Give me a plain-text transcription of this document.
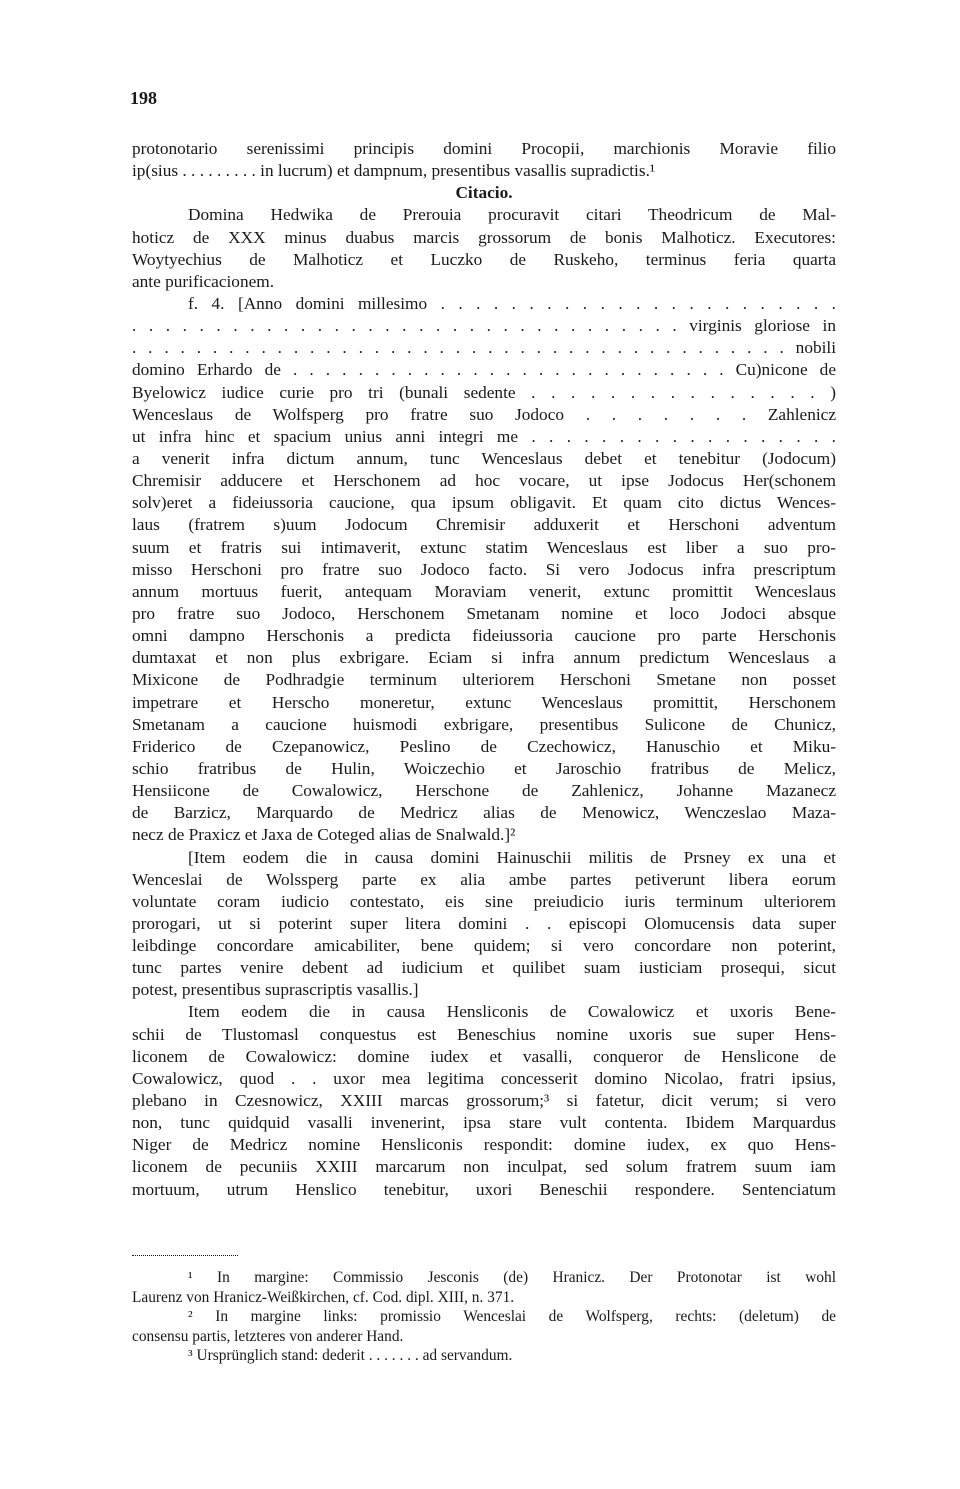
198
protonotario serenissimi principis domini Procopii, marchionis Moravie filio
ip(sius . . . . . . . . . in lucrum) et dampnum, presentibus vasallis supradictis.¹
Citacio.
Domina Hedwika de Prerouia procuravit citari Theodricum de Mal-
hoticz de XXX minus duabus marcis grossorum de bonis Malhoticz. Executores:
Woytyechius de Malhoticz et Luczko de Ruskeho, terminus feria quarta
ante purificacionem.
f. 4. [Anno domini millesimo . . . . . . . . . . . . . . . . . . . . . . .
. . . . . . . . . . . . . . . . . . . . . . . . . . . . . . . . . virginis gloriose in
. . . . . . . . . . . . . . . . . . . . . . . . . . . . . . . . . . . . . . . . . nobili
domino Erhardo de . . . . . . . . . . . . . . . . . . . . . . . . . . . Cu)nicone de
Byelowicz iudice curie pro tri (bunali sedente . . . . . . . . . . . . . . . )
Wenceslaus de Wolfsperg pro fratre suo Jodoco . . . . . . . Zahlenicz
ut infra hinc et spacium unius anni integri me . . . . . . . . . . . . . . . . . .
a venerit infra dictum annum, tunc Wenceslaus debet et tenebitur (Jodocum)
Chremisir adducere et Herschonem ad hoc vocare, ut ipse Jodocus Her(schonem
solv)eret a fideiussoria caucione, qua ipsum obligavit. Et quam cito dictus Wences-
laus (fratrem s)uum Jodocum Chremisir adduxerit et Herschoni adventum
suum et fratris sui intimaverit, extunc statim Wenceslaus est liber a suo pro-
misso Herschoni pro fratre suo Jodoco facto. Si vero Jodocus infra prescriptum
annum mortuus fuerit, antequam Moraviam venerit, extunc promittit Wenceslaus
pro fratre suo Jodoco, Herschonem Smetanam nomine et loco Jodoci absque
omni dampno Herschonis a predicta fideiussoria caucione pro parte Herschonis
dumtaxat et non plus exbrigare. Eciam si infra annum predictum Wenceslaus a
Mixicone de Podhradgie terminum ulteriorem Herschoni Smetane non posset
impetrare et Herscho moneretur, extunc Wenceslaus promittit, Herschonem
Smetanam a caucione huismodi exbrigare, presentibus Sulicone de Chunicz,
Friderico de Czepanowicz, Peslino de Czechowicz, Hanuschio et Miku-
schio fratribus de Hulin, Woiczechio et Jaroschio fratribus de Melicz,
Hensiicone de Cowalowicz, Herschone de Zahlenicz, Johanne Mazanecz
de Barzicz, Marquardo de Medricz alias de Menowicz, Wenczeslao Maza-
necz de Praxicz et Jaxa de Coteged alias de Snalwald.]²
[Item eodem die in causa domini Hainuschii militis de Prsney ex una et
Wenceslai de Wolssperg parte ex alia ambe partes petiverunt libera eorum
voluntate coram iudicio contestato, eis sine preiudicio iuris terminum ulteriorem
prorogari, ut si poterint super litera domini . . episcopi Olomucensis data super
leibdinge concordare amicabiliter, bene quidem; si vero concordare non poterint,
tunc partes venire debent ad iudicium et quilibet suam iusticiam prosequi, sicut
potest, presentibus suprascriptis vasallis.]
Item eodem die in causa Hensliconis de Cowalowicz et uxoris Bene-
schii de Tlustomasl conquestus est Beneschius nomine uxoris sue super Hens-
liconem de Cowalowicz: domine iudex et vasalli, conqueror de Henslicone de
Cowalowicz, quod . . uxor mea legitima concesserit domino Nicolao, fratri ipsius,
plebano in Czesnowicz, XXIII marcas grossorum;³ si fatetur, dicit verum; si vero
non, tunc quidquid vasalli invenerint, ipsa stare vult contenta. Ibidem Marquardus
Niger de Medricz nomine Hensliconis respondit: domine iudex, ex quo Hens-
liconem de pecuniis XXIII marcarum non inculpat, sed solum fratrem suum iam
mortuum, utrum Henslico tenebitur, uxori Beneschii respondere. Sentenciatum
¹ In margine: Commissio Jesconis (de) Hranicz. Der Protonotar ist wohl
Laurenz von Hranicz-Weißkirchen, cf. Cod. dipl. XIII, n. 371.
² In margine links: promissio Wenceslai de Wolfsperg, rechts: (deletum) de
consensu partis, letzteres von anderer Hand.
³ Ursprünglich stand: dederit . . . . . . . ad servandum.
